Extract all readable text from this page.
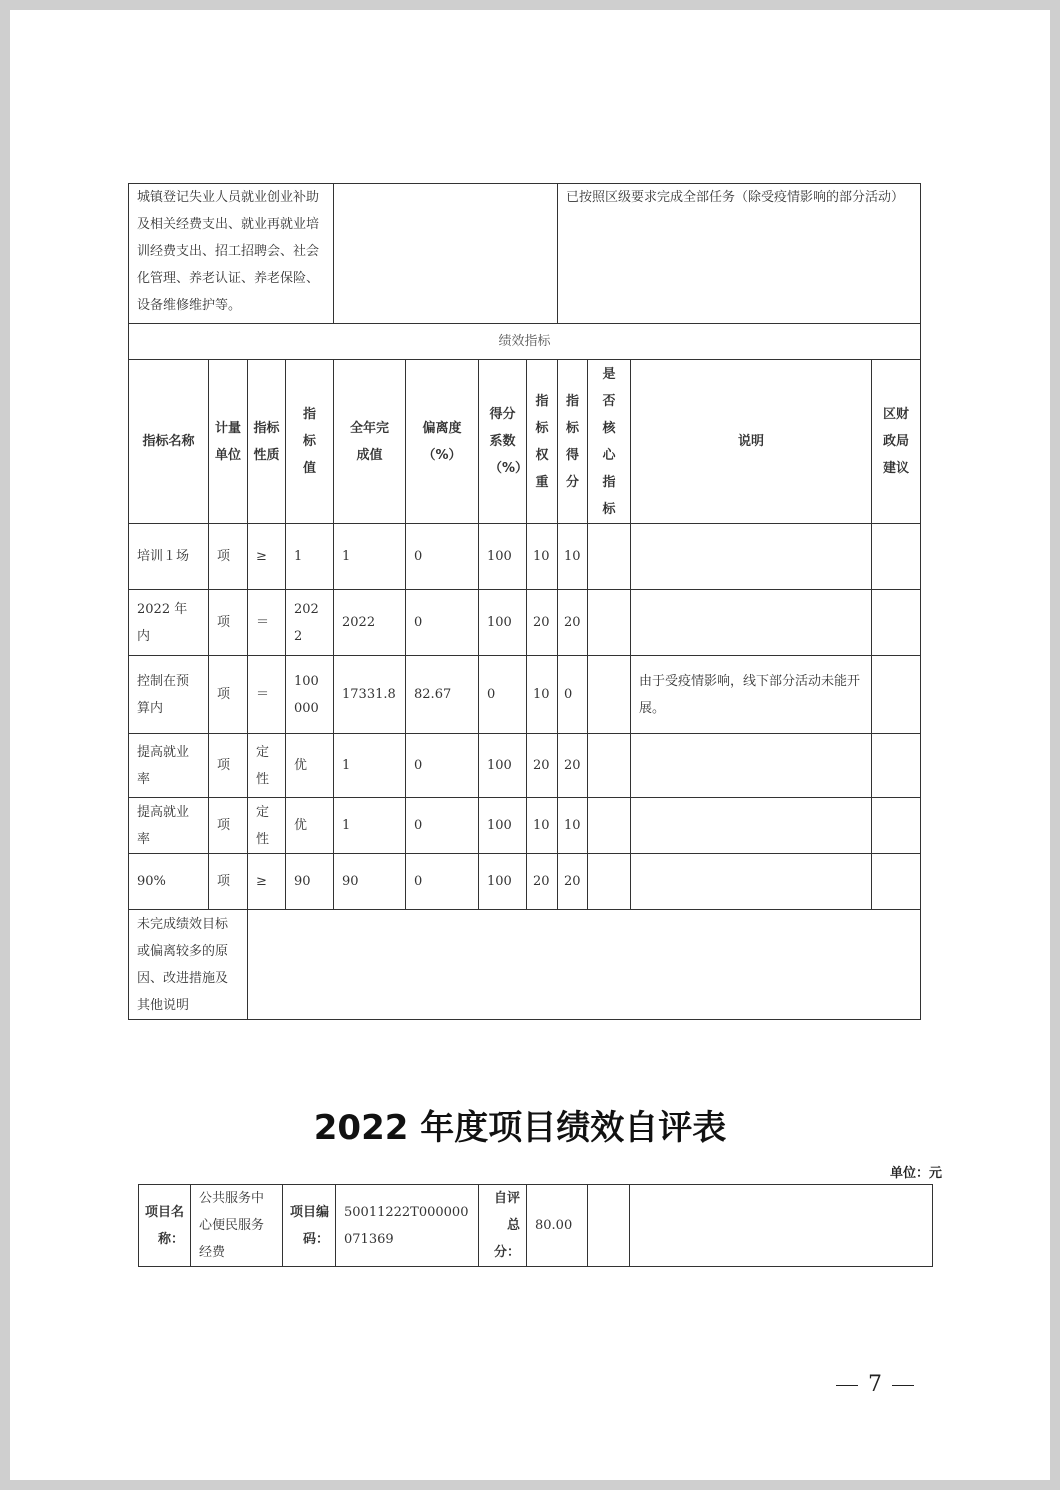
城镇登记失业人员就业创业补助及相关经费支出、就业再就业培训经费支出、招工招聘会、社会化管理、养老认证、养老保险、设备维修维护等。								已按照区级要求完成全部任务（除受疫情影响的部分活动）			
绩效指标											
指标名称	计量单位	指标性质	指标值	全年完成值	偏离度（%）	得分系数（%）	指标权重	指标得分	是否核心指标	说明	区财政局建议
培训１场	项	≥	1	1	0	100	10	10			
2022 年内	项	＝	2022	2022	0	100	20	20			
控制在预算内	项	＝	100000	17331.8	82.67	0	10	0		由于受疫情影响，线下部分活动未能开展。	
提高就业率	项	定性	优	1	0	100	20	20			
提高就业率	项	定性	优	1	0	100	10	10			
90%	项	≥	90	90	0	100	20	20			
未完成绩效目标或偏离较多的原因、改进措施及其他说明											
2022 年度项目绩效自评表
单位：元
项目名称：	公共服务中心便民服务经费	项目编码：	50011222T000000071369	自评总分：	80.00		
7
